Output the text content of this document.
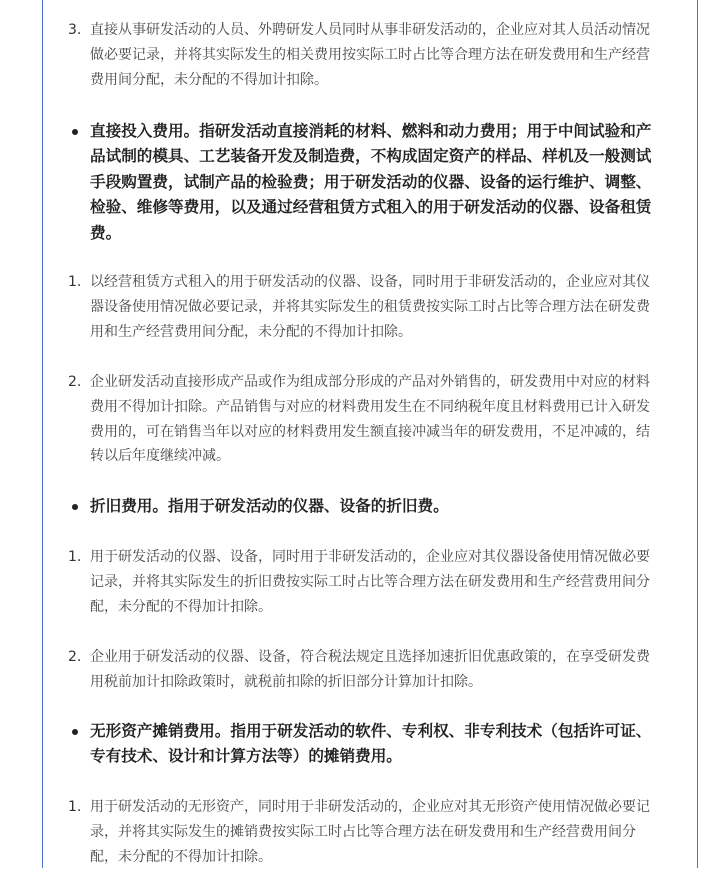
3. 直接从事研发活动的人员、外聘研发人员同时从事非研发活动的，企业应对其人员活动情况做必要记录，并将其实际发生的相关费用按实际工时占比等合理方法在研发费用和生产经营费用间分配，未分配的不得加计扣除。
直接投入费用。指研发活动直接消耗的材料、燃料和动力费用；用于中间试验和产品试制的模具、工艺装备开发及制造费，不构成固定资产的样品、样机及一般测试手段购置费，试制产品的检验费；用于研发活动的仪器、设备的运行维护、调整、检验、维修等费用，以及通过经营租赁方式租入的用于研发活动的仪器、设备租赁费。
1. 以经营租赁方式租入的用于研发活动的仪器、设备，同时用于非研发活动的，企业应对其仪器设备使用情况做必要记录，并将其实际发生的租赁费按实际工时占比等合理方法在研发费用和生产经营费用间分配，未分配的不得加计扣除。
2. 企业研发活动直接形成产品或作为组成部分形成的产品对外销售的，研发费用中对应的材料费用不得加计扣除。产品销售与对应的材料费用发生在不同纳税年度且材料费用已计入研发费用的，可在销售当年以对应的材料费用发生额直接冲减当年的研发费用，不足冲减的，结转以后年度继续冲减。
折旧费用。指用于研发活动的仪器、设备的折旧费。
1. 用于研发活动的仪器、设备，同时用于非研发活动的，企业应对其仪器设备使用情况做必要记录，并将其实际发生的折旧费按实际工时占比等合理方法在研发费用和生产经营费用间分配，未分配的不得加计扣除。
2. 企业用于研发活动的仪器、设备，符合税法规定且选择加速折旧优惠政策的，在享受研发费用税前加计扣除政策时，就税前扣除的折旧部分计算加计扣除。
无形资产摊销费用。指用于研发活动的软件、专利权、非专利技术（包括许可证、专有技术、设计和计算方法等）的摊销费用。
1. 用于研发活动的无形资产，同时用于非研发活动的，企业应对其无形资产使用情况做必要记录，并将其实际发生的摊销费按实际工时占比等合理方法在研发费用和生产经营费用间分配，未分配的不得加计扣除。
